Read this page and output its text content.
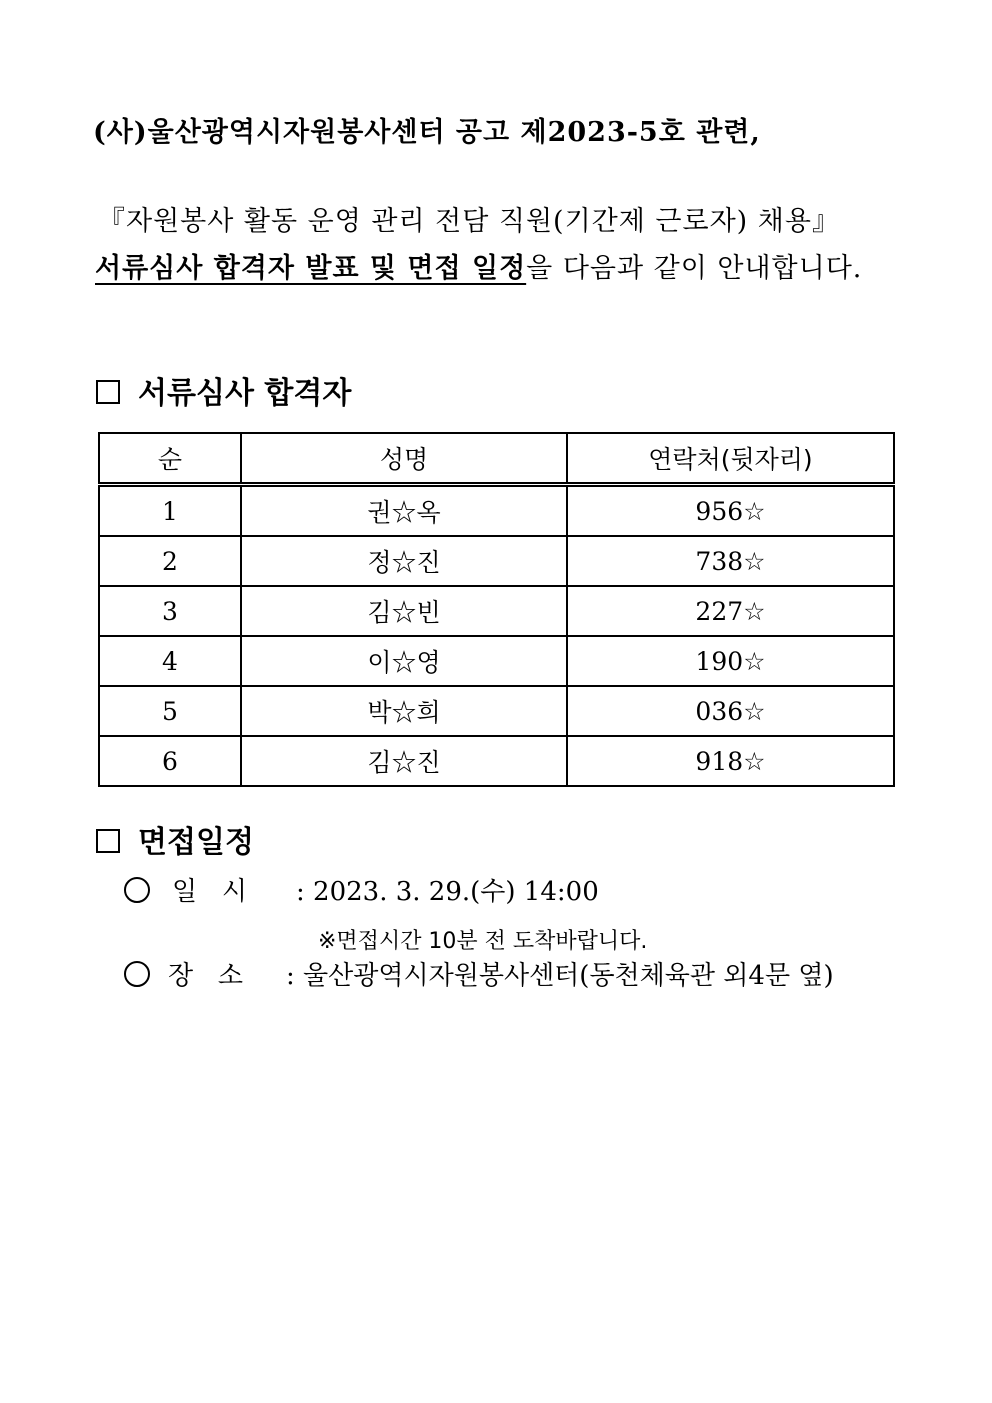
(사)울산광역시자원봉사센터 공고 제2023-5호 관련,
『자원봉사 활동 운영 관리 전담 직원(기간제 근로자) 채용』
서류심사 합격자 발표 및 면접 일정을 다음과 같이 안내합니다.
서류심사 합격자
순	성명	연락처(뒷자리)
1	권☆옥	956☆
2	정☆진	738☆
3	김☆빈	227☆
4	이☆영	190☆
5	박☆희	036☆
6	김☆진	918☆
면접일정
일   시 : 2023. 3. 29.(수) 14:00
※면접시간 10분 전 도착바랍니다.
장   소 : 울산광역시자원봉사센터(동천체육관 외4문 옆)
